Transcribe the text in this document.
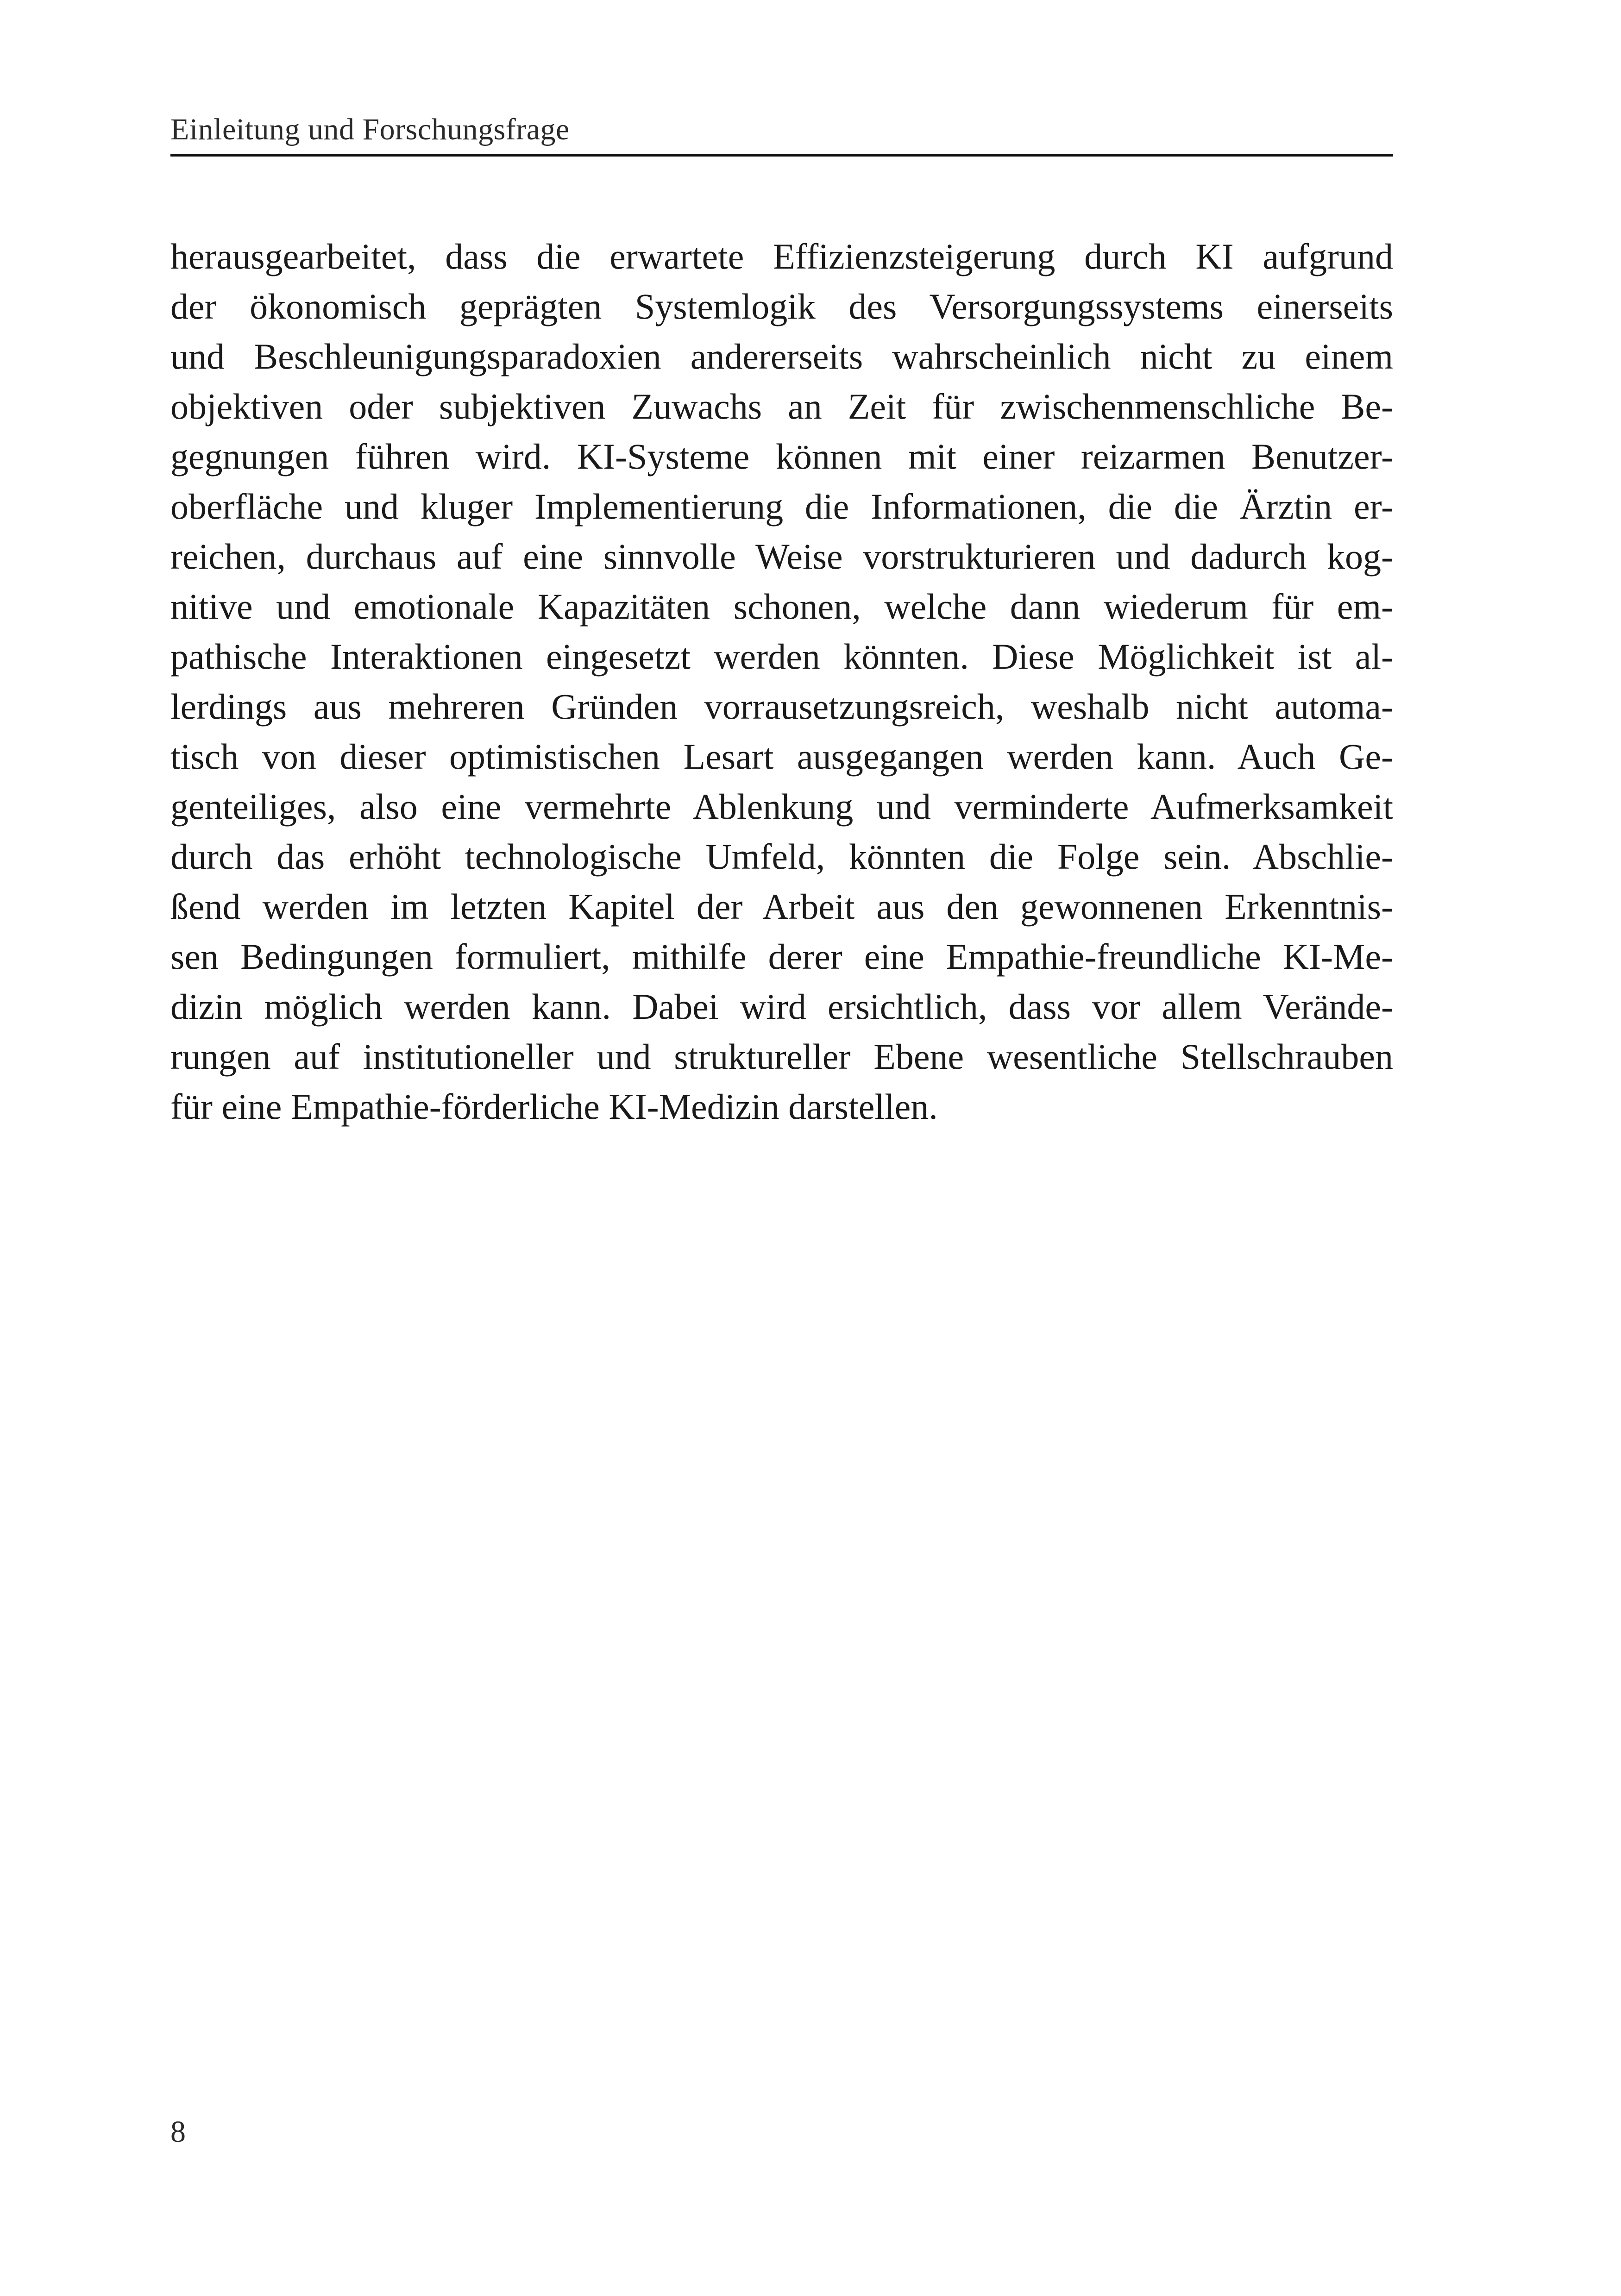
Einleitung und Forschungsfrage
herausgearbeitet, dass die erwartete Effizienzsteigerung durch KI aufgrund
der ökonomisch geprägten Systemlogik des Versorgungssystems einerseits
und Beschleunigungsparadoxien andererseits wahrscheinlich nicht zu einem
objektiven oder subjektiven Zuwachs an Zeit für zwischenmenschliche Be-
gegnungen führen wird. KI-Systeme können mit einer reizarmen Benutzer-
oberfläche und kluger Implementierung die Informationen, die die Ärztin er-
reichen, durchaus auf eine sinnvolle Weise vorstrukturieren und dadurch kog-
nitive und emotionale Kapazitäten schonen, welche dann wiederum für em-
pathische Interaktionen eingesetzt werden könnten. Diese Möglichkeit ist al-
lerdings aus mehreren Gründen vorrausetzungsreich, weshalb nicht automa-
tisch von dieser optimistischen Lesart ausgegangen werden kann. Auch Ge-
genteiliges, also eine vermehrte Ablenkung und verminderte Aufmerksamkeit
durch das erhöht technologische Umfeld, könnten die Folge sein. Abschlie-
ßend werden im letzten Kapitel der Arbeit aus den gewonnenen Erkenntnis-
sen Bedingungen formuliert, mithilfe derer eine Empathie-freundliche KI-Me-
dizin möglich werden kann. Dabei wird ersichtlich, dass vor allem Verände-
rungen auf institutioneller und struktureller Ebene wesentliche Stellschrauben
für eine Empathie-förderliche KI-Medizin darstellen.
8
